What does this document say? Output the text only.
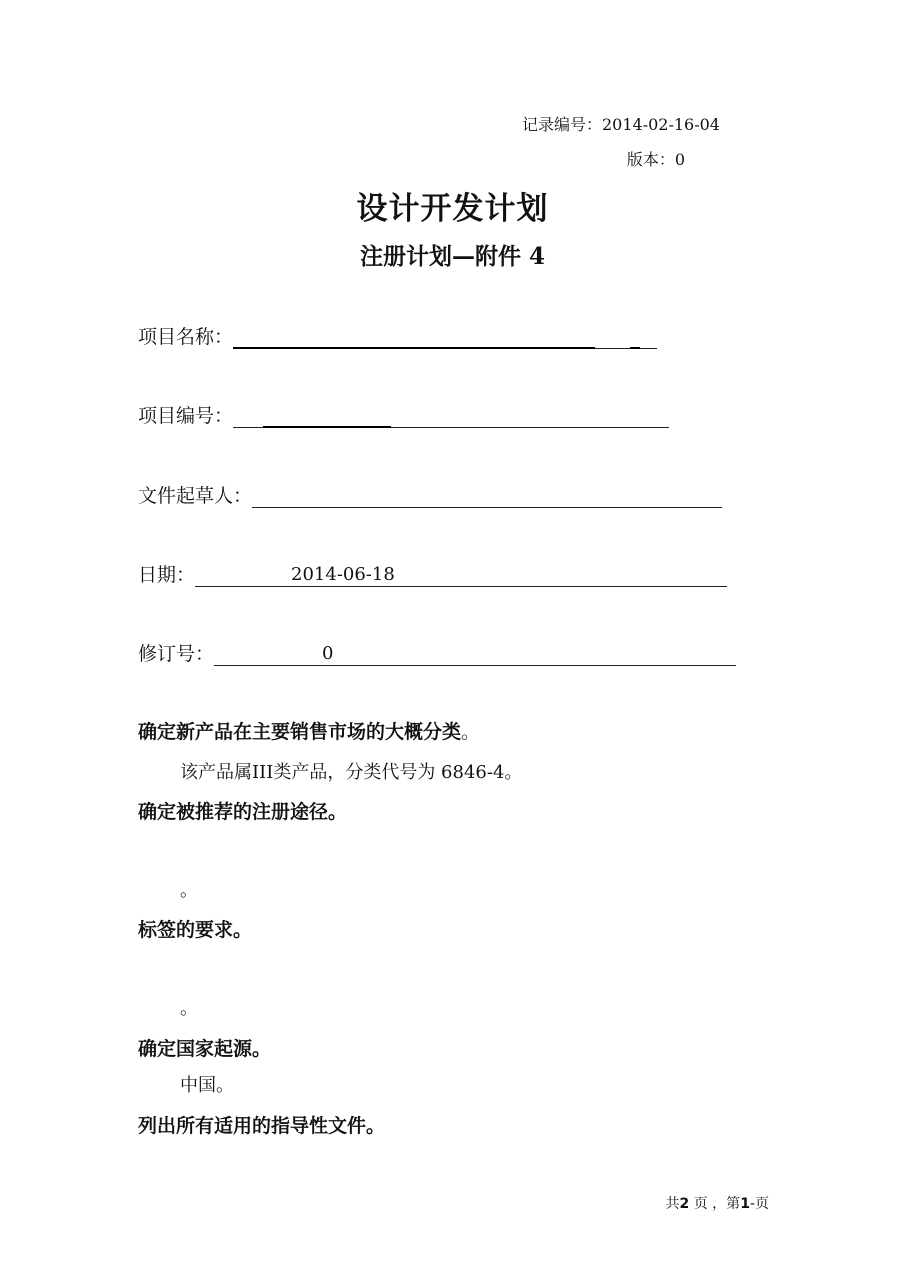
记录编号：2014-02-16-04
版本：0
设计开发计划
注册计划—附件 4
项目名称：
项目编号：
文件起草人：
日期：	2014-06-18
修订号：	0
确定新产品在主要销售市场的大概分类。
该产品属III类产品，分类代号为 6846-4。
确定被推荐的注册途径。
。
标签的要求。
。
确定国家起源。
中国。
列出所有适用的指导性文件。
共2 页 ，第1-页
